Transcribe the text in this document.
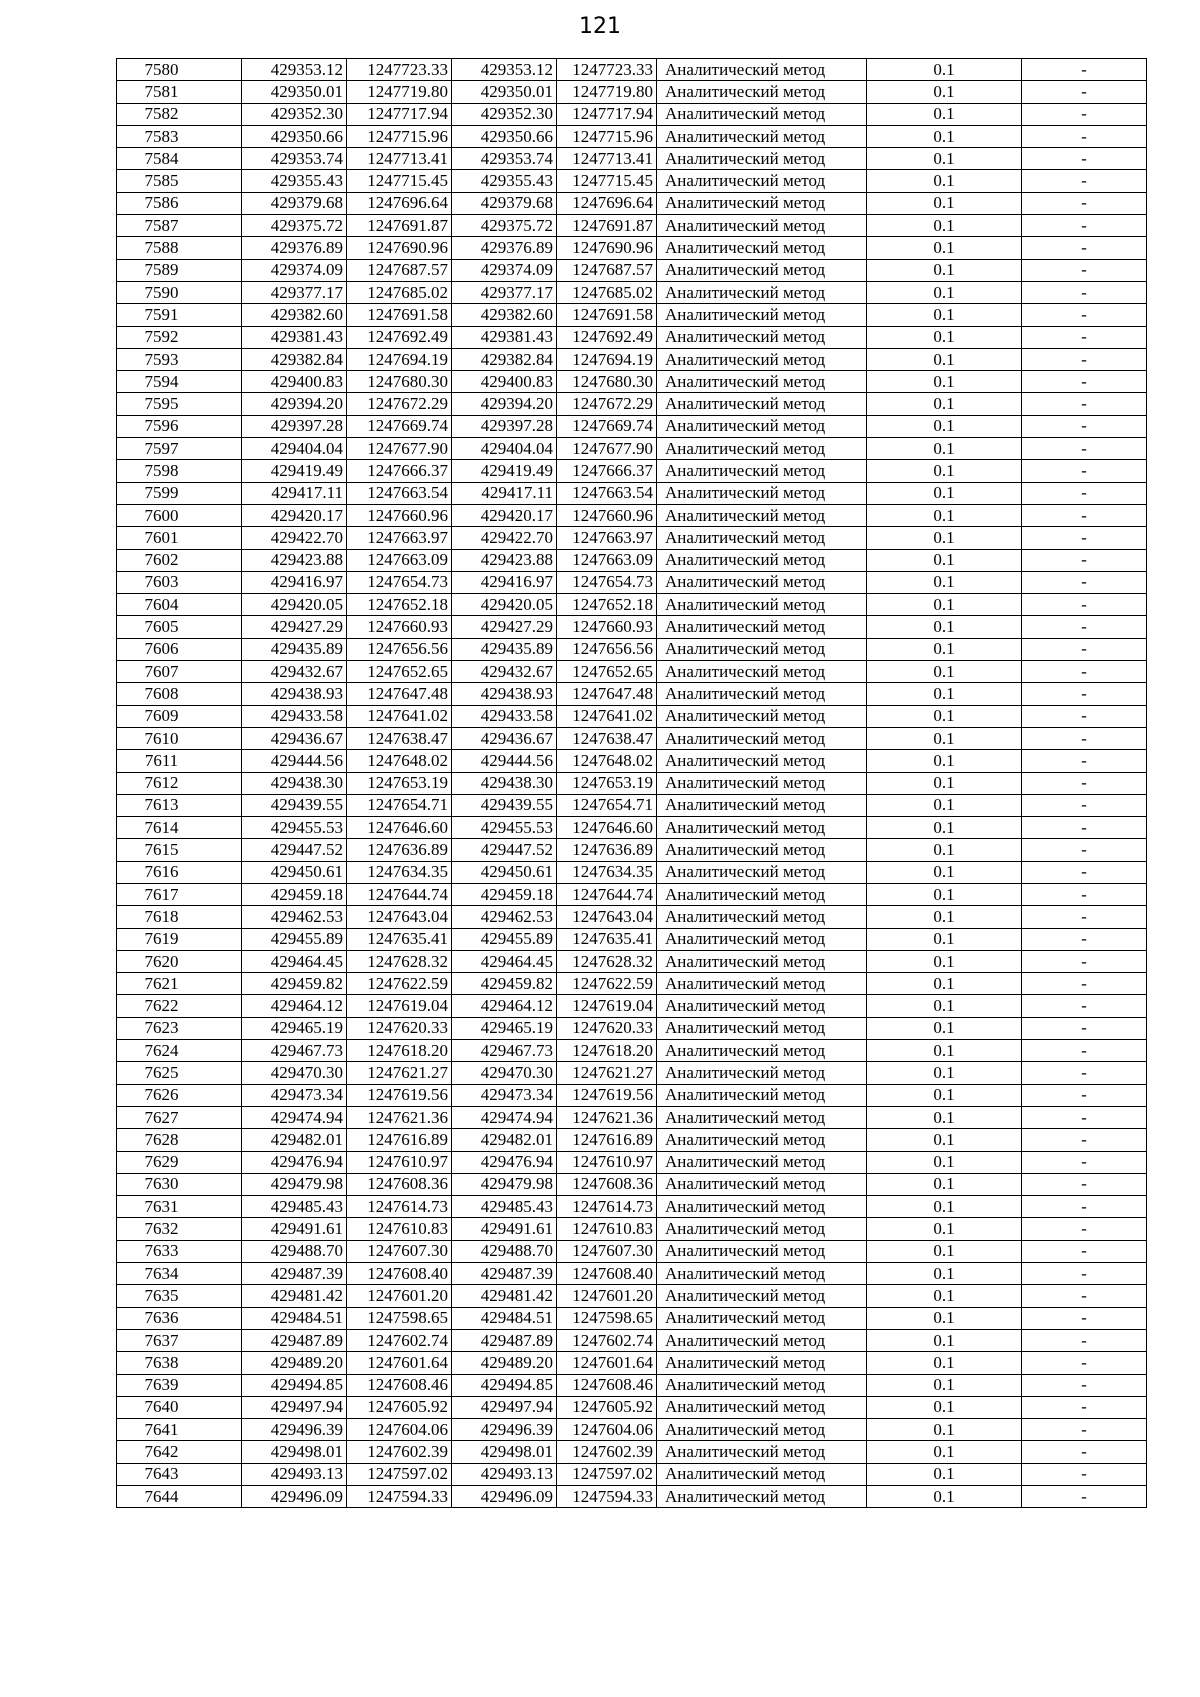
121
7580	429353.12	1247723.33	429353.12	1247723.33	Аналитический метод	0.1	-
7581	429350.01	1247719.80	429350.01	1247719.80	Аналитический метод	0.1	-
7582	429352.30	1247717.94	429352.30	1247717.94	Аналитический метод	0.1	-
7583	429350.66	1247715.96	429350.66	1247715.96	Аналитический метод	0.1	-
7584	429353.74	1247713.41	429353.74	1247713.41	Аналитический метод	0.1	-
7585	429355.43	1247715.45	429355.43	1247715.45	Аналитический метод	0.1	-
7586	429379.68	1247696.64	429379.68	1247696.64	Аналитический метод	0.1	-
7587	429375.72	1247691.87	429375.72	1247691.87	Аналитический метод	0.1	-
7588	429376.89	1247690.96	429376.89	1247690.96	Аналитический метод	0.1	-
7589	429374.09	1247687.57	429374.09	1247687.57	Аналитический метод	0.1	-
7590	429377.17	1247685.02	429377.17	1247685.02	Аналитический метод	0.1	-
7591	429382.60	1247691.58	429382.60	1247691.58	Аналитический метод	0.1	-
7592	429381.43	1247692.49	429381.43	1247692.49	Аналитический метод	0.1	-
7593	429382.84	1247694.19	429382.84	1247694.19	Аналитический метод	0.1	-
7594	429400.83	1247680.30	429400.83	1247680.30	Аналитический метод	0.1	-
7595	429394.20	1247672.29	429394.20	1247672.29	Аналитический метод	0.1	-
7596	429397.28	1247669.74	429397.28	1247669.74	Аналитический метод	0.1	-
7597	429404.04	1247677.90	429404.04	1247677.90	Аналитический метод	0.1	-
7598	429419.49	1247666.37	429419.49	1247666.37	Аналитический метод	0.1	-
7599	429417.11	1247663.54	429417.11	1247663.54	Аналитический метод	0.1	-
7600	429420.17	1247660.96	429420.17	1247660.96	Аналитический метод	0.1	-
7601	429422.70	1247663.97	429422.70	1247663.97	Аналитический метод	0.1	-
7602	429423.88	1247663.09	429423.88	1247663.09	Аналитический метод	0.1	-
7603	429416.97	1247654.73	429416.97	1247654.73	Аналитический метод	0.1	-
7604	429420.05	1247652.18	429420.05	1247652.18	Аналитический метод	0.1	-
7605	429427.29	1247660.93	429427.29	1247660.93	Аналитический метод	0.1	-
7606	429435.89	1247656.56	429435.89	1247656.56	Аналитический метод	0.1	-
7607	429432.67	1247652.65	429432.67	1247652.65	Аналитический метод	0.1	-
7608	429438.93	1247647.48	429438.93	1247647.48	Аналитический метод	0.1	-
7609	429433.58	1247641.02	429433.58	1247641.02	Аналитический метод	0.1	-
7610	429436.67	1247638.47	429436.67	1247638.47	Аналитический метод	0.1	-
7611	429444.56	1247648.02	429444.56	1247648.02	Аналитический метод	0.1	-
7612	429438.30	1247653.19	429438.30	1247653.19	Аналитический метод	0.1	-
7613	429439.55	1247654.71	429439.55	1247654.71	Аналитический метод	0.1	-
7614	429455.53	1247646.60	429455.53	1247646.60	Аналитический метод	0.1	-
7615	429447.52	1247636.89	429447.52	1247636.89	Аналитический метод	0.1	-
7616	429450.61	1247634.35	429450.61	1247634.35	Аналитический метод	0.1	-
7617	429459.18	1247644.74	429459.18	1247644.74	Аналитический метод	0.1	-
7618	429462.53	1247643.04	429462.53	1247643.04	Аналитический метод	0.1	-
7619	429455.89	1247635.41	429455.89	1247635.41	Аналитический метод	0.1	-
7620	429464.45	1247628.32	429464.45	1247628.32	Аналитический метод	0.1	-
7621	429459.82	1247622.59	429459.82	1247622.59	Аналитический метод	0.1	-
7622	429464.12	1247619.04	429464.12	1247619.04	Аналитический метод	0.1	-
7623	429465.19	1247620.33	429465.19	1247620.33	Аналитический метод	0.1	-
7624	429467.73	1247618.20	429467.73	1247618.20	Аналитический метод	0.1	-
7625	429470.30	1247621.27	429470.30	1247621.27	Аналитический метод	0.1	-
7626	429473.34	1247619.56	429473.34	1247619.56	Аналитический метод	0.1	-
7627	429474.94	1247621.36	429474.94	1247621.36	Аналитический метод	0.1	-
7628	429482.01	1247616.89	429482.01	1247616.89	Аналитический метод	0.1	-
7629	429476.94	1247610.97	429476.94	1247610.97	Аналитический метод	0.1	-
7630	429479.98	1247608.36	429479.98	1247608.36	Аналитический метод	0.1	-
7631	429485.43	1247614.73	429485.43	1247614.73	Аналитический метод	0.1	-
7632	429491.61	1247610.83	429491.61	1247610.83	Аналитический метод	0.1	-
7633	429488.70	1247607.30	429488.70	1247607.30	Аналитический метод	0.1	-
7634	429487.39	1247608.40	429487.39	1247608.40	Аналитический метод	0.1	-
7635	429481.42	1247601.20	429481.42	1247601.20	Аналитический метод	0.1	-
7636	429484.51	1247598.65	429484.51	1247598.65	Аналитический метод	0.1	-
7637	429487.89	1247602.74	429487.89	1247602.74	Аналитический метод	0.1	-
7638	429489.20	1247601.64	429489.20	1247601.64	Аналитический метод	0.1	-
7639	429494.85	1247608.46	429494.85	1247608.46	Аналитический метод	0.1	-
7640	429497.94	1247605.92	429497.94	1247605.92	Аналитический метод	0.1	-
7641	429496.39	1247604.06	429496.39	1247604.06	Аналитический метод	0.1	-
7642	429498.01	1247602.39	429498.01	1247602.39	Аналитический метод	0.1	-
7643	429493.13	1247597.02	429493.13	1247597.02	Аналитический метод	0.1	-
7644	429496.09	1247594.33	429496.09	1247594.33	Аналитический метод	0.1	-
